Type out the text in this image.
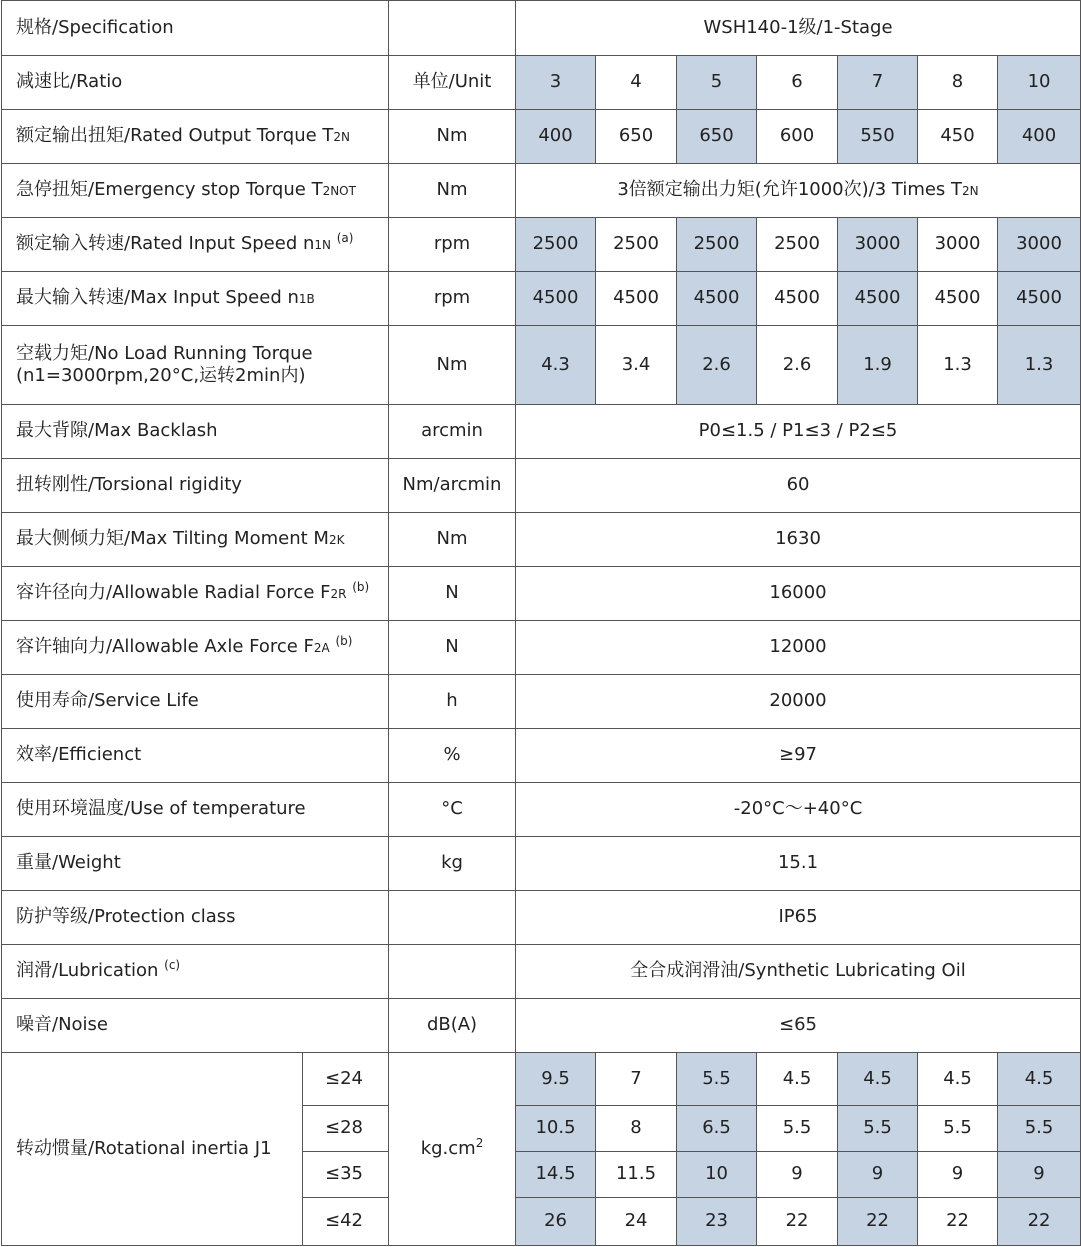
规格/Specification			WSH140-1级/1-Stage						
减速比/Ratio		单位/Unit	3	4	5	6	7	8	10
额定输出扭矩/Rated Output Torque T2N		Nm	400	650	650	600	550	450	400
急停扭矩/Emergency stop Torque T2NOT		Nm	3倍额定输出力矩(允许1000次)/3 Times T2N						
额定输入转速/Rated Input Speed n1N $^{(a)}$		rpm	2500	2500	2500	2500	3000	3000	3000
最大输入转速/Max Input Speed n1B		rpm	4500	4500	4500	4500	4500	4500	4500
空载力矩/No Load Running Torque
(n1=3000rpm,20°C,运转2min内)		Nm	4.3	3.4	2.6	2.6	1.9	1.3	1.3
最大背隙/Max Backlash		arcmin	P0≤1.5 / P1≤3 / P2≤5						
扭转刚性/Torsional rigidity		Nm/arcmin	60						
最大侧倾力矩/Max Tilting Moment M2K		Nm	1630						
容许径向力/Allowable Radial Force F2R $^{(b)}$		N	16000						
容许轴向力/Allowable Axle Force F2A $^{(b)}$		N	12000						
使用寿命/Service Life		h	20000						
效率/Efficienct		%	≥97						
使用环境温度/Use of temperature		°C	-20°C～+40°C						
重量/Weight		kg	15.1						
防护等级/Protection class			IP65						
润滑/Lubrication $^{(c)}$			全合成润滑油/Synthetic Lubricating Oil						
噪音/Noise		dB(A)	≤65						
转动惯量/Rotational inertia J1	≤24	$kg.cm^2$	9.5	7	5.5	4.5	4.5	4.5	4.5
	≤28		10.5	8	6.5	5.5	5.5	5.5	5.5
	≤35		14.5	11.5	10	9	9	9	9
	≤42		26	24	23	22	22	22	22
